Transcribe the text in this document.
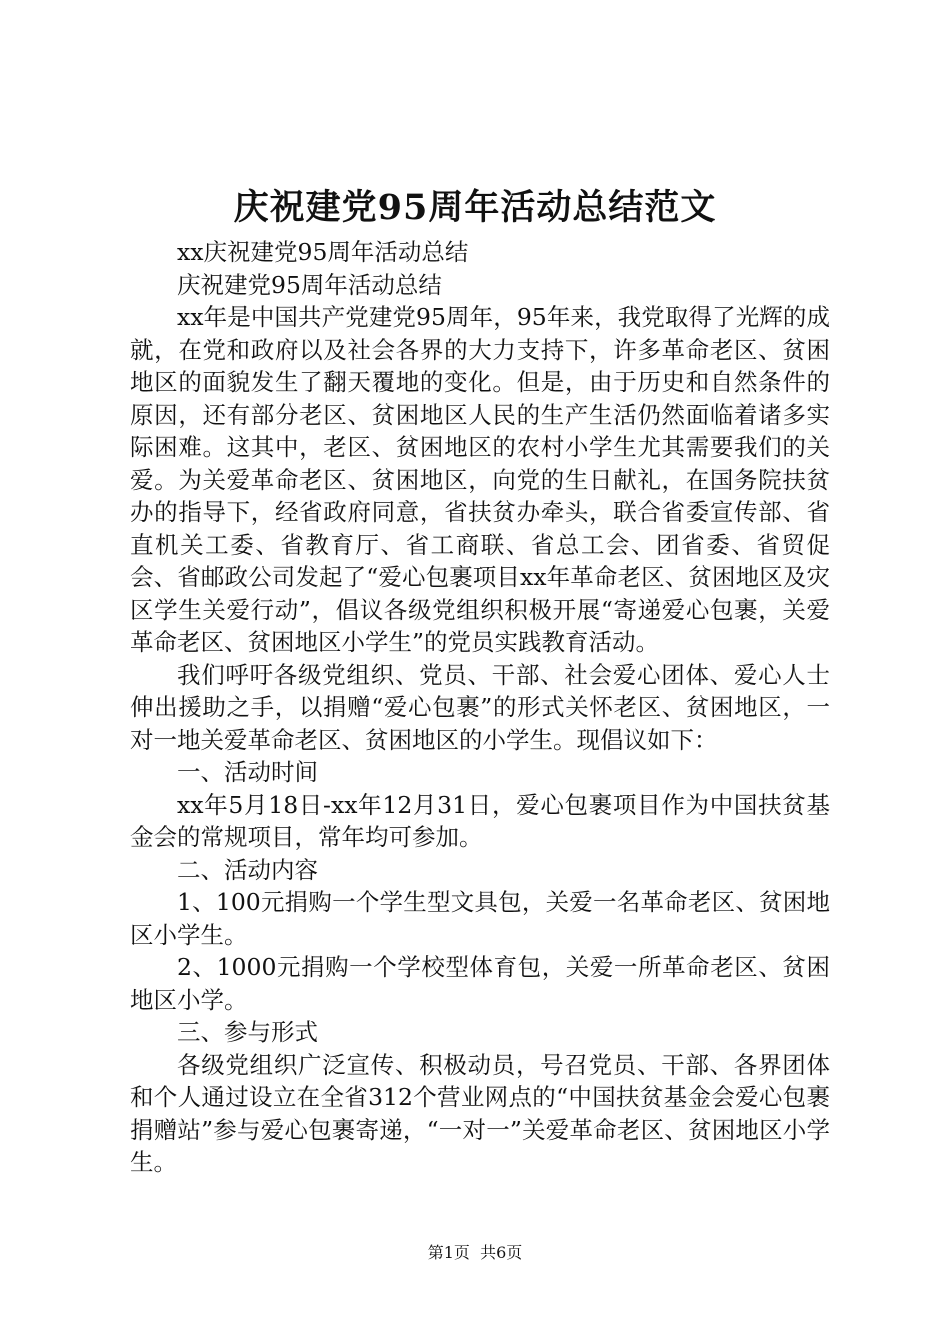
庆祝建党95周年活动总结范文

xx庆祝建党95周年活动总结

庆祝建党95周年活动总结

xx年是中国共产党建党95周年，95年来，我党取得了光辉的成就，在党和政府以及社会各界的大力支持下，许多革命老区、贫困地区的面貌发生了翻天覆地的变化。但是，由于历史和自然条件的原因，还有部分老区、贫困地区人民的生产生活仍然面临着诸多实际困难。这其中，老区、贫困地区的农村小学生尤其需要我们的关爱。为关爱革命老区、贫困地区，向党的生日献礼，在国务院扶贫办的指导下，经省政府同意，省扶贫办牵头，联合省委宣传部、省直机关工委、省教育厅、省工商联、省总工会、团省委、省贸促会、省邮政公司发起了“爱心包裹项目xx年革命老区、贫困地区及灾区学生关爱行动”，倡议各级党组织积极开展“寄递爱心包裹，关爱革命老区、贫困地区小学生”的党员实践教育活动。

我们呼吁各级党组织、党员、干部、社会爱心团体、爱心人士伸出援助之手，以捐赠“爱心包裹”的形式关怀老区、贫困地区，一对一地关爱革命老区、贫困地区的小学生。现倡议如下：

一、活动时间

xx年5月18日-xx年12月31日，爱心包裹项目作为中国扶贫基金会的常规项目，常年均可参加。

二、活动内容

1、100元捐购一个学生型文具包，关爱一名革命老区、贫困地区小学生。

2、1000元捐购一个学校型体育包，关爱一所革命老区、贫困地区小学。

三、参与形式

各级党组织广泛宣传、积极动员，号召党员、干部、各界团体和个人通过设立在全省312个营业网点的“中国扶贫基金会爱心包裹捐赠站”参与爱心包裹寄递，“一对一”关爱革命老区、贫困地区小学生。

第1页  共6页
